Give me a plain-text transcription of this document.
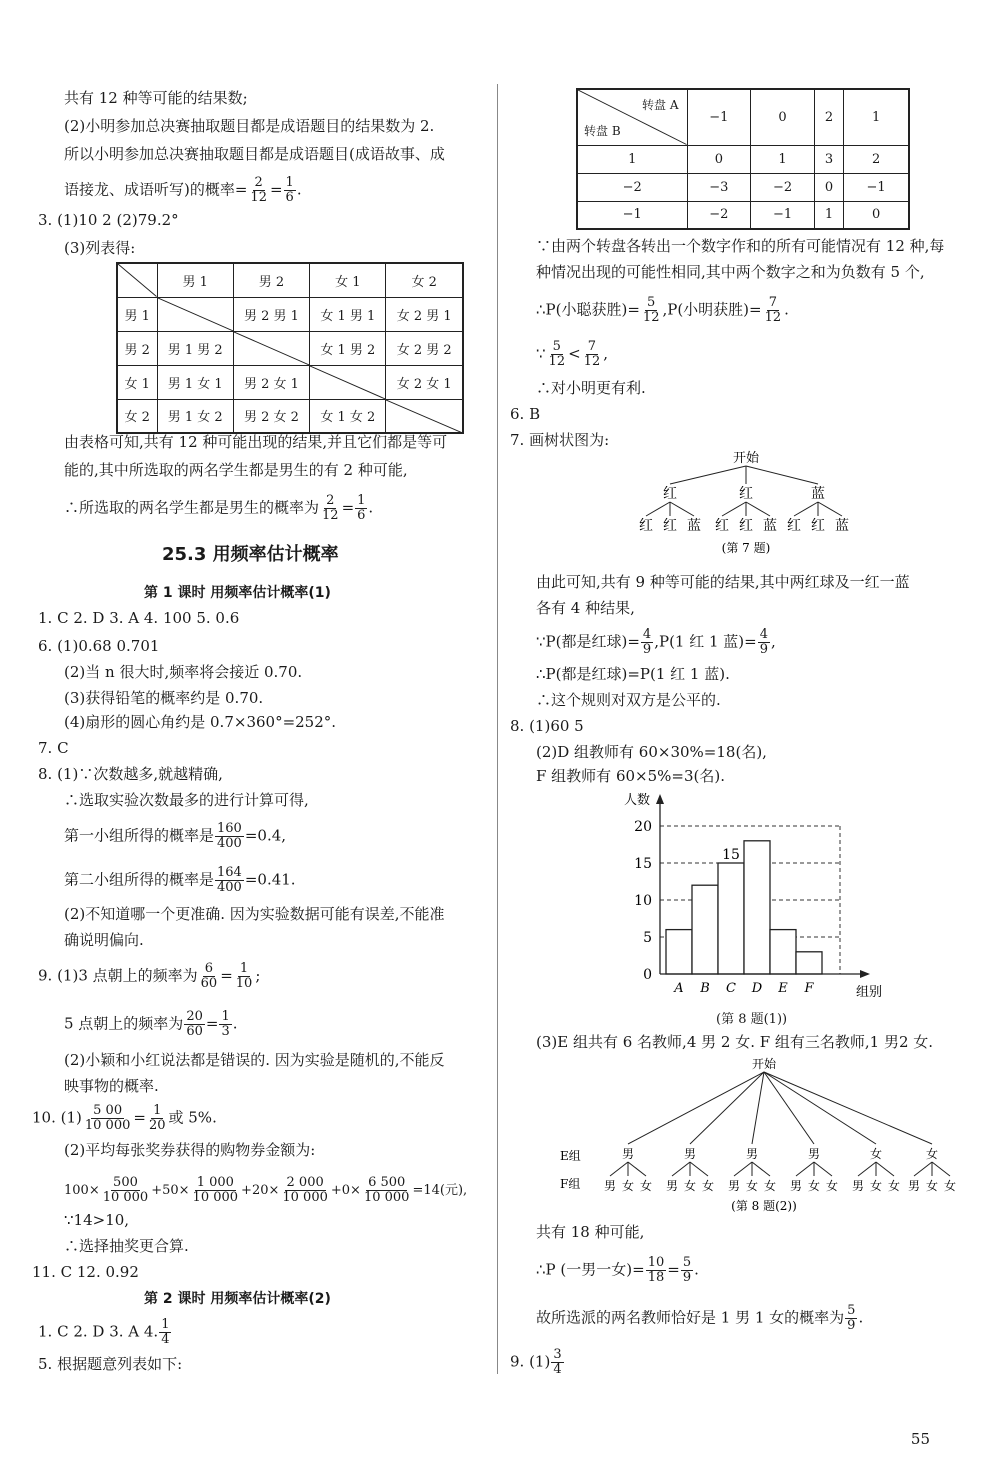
共有 12 种等可能的结果数;
(2)小明参加总决赛抽取题目都是成语题目的结果数为 2.
所以小明参加总决赛抽取题目都是成语题目(成语故事、成
语接龙、成语听写)的概率= $\frac{2}{12} = \frac{1}{6}$ .
3. (1)10 2 (2)79.2°
(3)列表得:
	男 1	男 2	女 1	女 2
男 1		男 2 男 1	女 1 男 1	女 2 男 1
男 2	男 1 男 2		女 1 男 2	女 2 男 2
女 1	男 1 女 1	男 2 女 1		女 2 女 1
女 2	男 1 女 2	男 2 女 2	女 1 女 2	
由表格可知,共有 12 种可能出现的结果,并且它们都是等可
能的,其中所选取的两名学生都是男生的有 2 种可能,
∴所选取的两名学生都是男生的概率为 $\frac{2}{12} = \frac{1}{6}$ .
25.3 用频率估计概率
第 1 课时 用频率估计概率(1)
1. C 2. D 3. A 4. 100 5. 0.6
6. (1)0.68 0.701
(2)当 n 很大时,频率将会接近 0.70.
(3)获得铅笔的概率约是 0.70.
(4)扇形的圆心角约是 0.7×360°=252°.
7. C
8. (1)∵次数越多,就越精确,
∴选取实验次数最多的进行计算可得,
第一小组所得的概率是 $\frac{160}{400} =0.4$,
第二小组所得的概率是 $\frac{164}{400} =0.41$.
(2)不知道哪一个更准确. 因为实验数据可能有误差,不能准
确说明偏向.
9. (1)3 点朝上的频率为 $\frac{6}{60} = \frac{1}{10}$ ;
5 点朝上的频率为 $\frac{20}{60} = \frac{1}{3}$ .
(2)小颖和小红说法都是错误的. 因为实验是随机的,不能反
映事物的概率.
10. $(1) \frac{5 00}{10 000} = \frac{1}{20}$ 或 5%.
(2)平均每张奖券获得的购物券金额为:
$100\times \frac{500}{10 000} +50\times \frac{1 000}{10 000} +20\times \frac{2 000}{10 000} +0\times \frac{6 500}{10 000} =14$(元),
∵14>10,
∴选择抽奖更合算.
11. C 12. 0.92
第 2 课时 用频率估计概率(2)
1. C 2. D 3. A 4. $\frac{1}{4}$
5. 根据题意列表如下:
转盘 A
转盘 B	−1	0	2	1
1	0	1	3	2
−2	−3	−2	0	−1
−1	−2	−1	1	0
∵由两个转盘各转出一个数字作和的所有可能情况有 12 种,每
种情况出现的可能性相同,其中两个数字之和为负数有 5 个,
∴P(小聪获胜)= $\frac{5}{12} ,P$(小明获胜)= $\frac{7}{12}$ .
∵ $\frac{5}{12} < \frac{7}{12}$ ,
∴对小明更有利.
6. B
7. 画树状图为:
开始
红	红	蓝
红 红 蓝 红 红 蓝 红 红 蓝
(第 7 题)
由此可知,共有 9 种等可能的结果,其中两红球及一红一蓝
各有 4 种结果,
∵P(都是红球)= $\frac{4}{9} ,P(1$ 红 1 蓝)= $\frac{4}{9}$ ,
∴P(都是红球)=P(1 红 1 蓝).
∴这个规则对双方是公平的.
8. (1)60 5
(2)D 组教师有 60×30%=18(名),
F 组教师有 60×5%=3(名).
0
5
10
15
20
A B C
15
D E F
人数
组别
(第 8 题(1))
(3)E 组共有 6 名教师,4 男 2 女. F 组有三名教师,1 男2 女.
开始
E组
F组
男
男 女 女
男
男 女 女
男
男 女 女
男
男 女 女
女
男 女 女
女
男 女 女
(第 8 题(2))
共有 18 种可能,
∴P (一男一女)= $\frac{10}{18} = \frac{5}{9}$ .
故所选派的两名教师恰好是 1 男 1 女的概率为 $\frac{5}{9}$ .
9. $(1) \frac{3}{4}$
55
